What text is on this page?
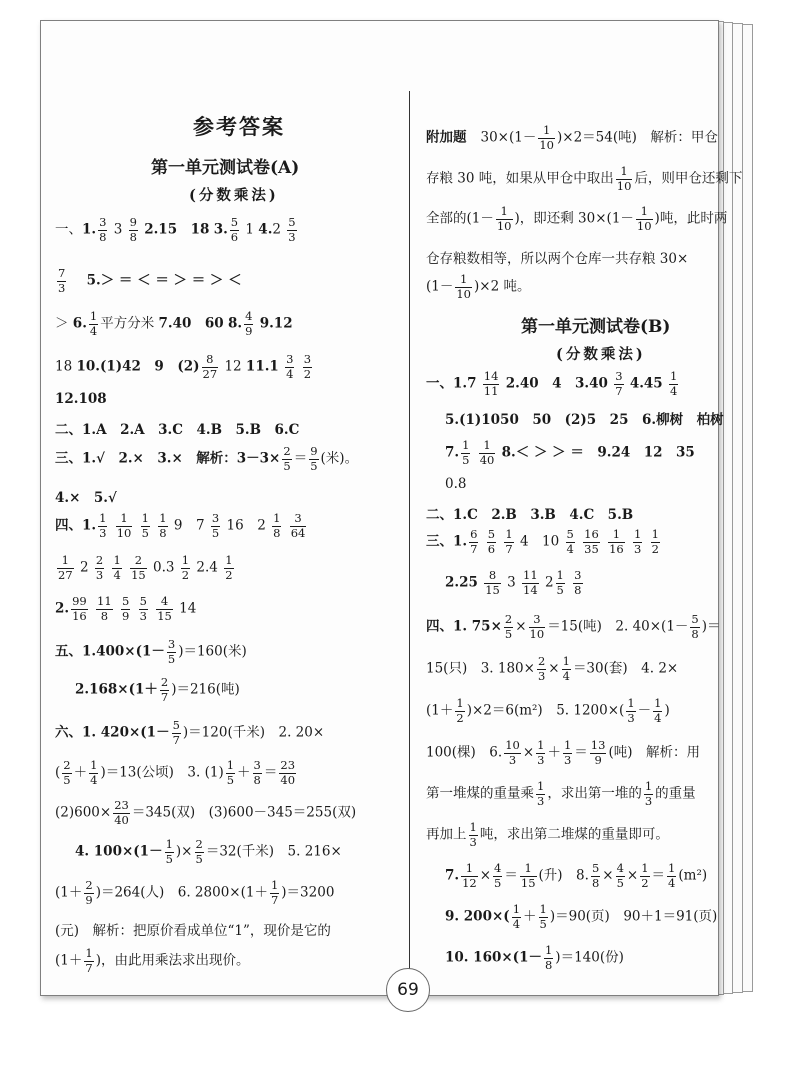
参考答案
第一单元测试卷(A)
(分数乘法)
一、1. $\frac{3}{8} 3 \frac{9}{8} 2.15$　18 3. $\frac{5}{6} 1$ $4.2 \frac{5}{3}$
$\frac{7}{3} 5.>$ ＝ ＜ ＝ ＞ ＝ ＞ ＜
＞ 6. $\frac{1}{4}$ 平方分米 7.40　60 8. $\frac{4}{9} 9.12$
18 10.(1)42　9　$(2) \frac{8}{27} 12$ $11.1 \frac{3}{4}$
$\frac{3}{2}$
12.108
二、1.A　2.A　3.C　4.B　5.B　6.C
三、1.√　2.×　3.×　解析：$3-3\times \frac{2}{5} = \frac{9}{5}$ (米)。
4.×　5.√
四、1. $\frac{1}{3}$
$\frac{1}{10}$
$\frac{1}{5}$
$\frac{1}{8} 9$　$7 \frac{3}{5} 16$　$2 \frac{1}{8}$
$\frac{3}{64}$
$\frac{1}{27} 2 \frac{2}{3}$
$\frac{1}{4}$
$\frac{2}{15} 0.3 \frac{1}{2} 2.4 \frac{1}{2}$
2. $\frac{99}{16}$
$\frac{11}{8}$
$\frac{5}{9}$
$\frac{5}{3}$
$\frac{4}{15} 14$
五、$1.400\times(1- \frac{3}{5} )=160$(米)
$2.168\times(1+ \frac{2}{7} )=216$(吨)
六、1. $420\times(1- \frac{5}{7} )=120$(千米)　2. 20×
( $\frac{2}{5} + \frac{1}{4} )=13$(公顷)　3. $(1) \frac{1}{5} + \frac{3}{8} = \frac{23}{40}$
$(2)600\times \frac{23}{40} =345$(双)　(3)600－345＝255(双)
4. $100\times(1- \frac{1}{5}$ )× $\frac{2}{5} =32$(千米)　5. 216×
$(1+ \frac{2}{9} )=264$(人)　6. $2800\times(1+ \frac{1}{7} )=3200$
(元)　解析：把原价看成单位“1”，现价是它的
($1+ \frac{1}{7}$ )，由此用乘法求出现价。
附加题 $30\times(1- \frac{1}{10} )\times 2=54$(吨)　解析：甲仓
存粮 30 吨，如果从甲仓中取出 $\frac{1}{10}$ 后，则甲仓还剩下
全部的($1- \frac{1}{10}$ )，即还剩 $30\times(1- \frac{1}{10}$ )吨，此时两
仓存粮数相等，所以两个仓库一共存粮 30×
$(1- \frac{1}{10} )\times 2$ 吨。
第一单元测试卷(B)
(分数乘法)
一、$1.7 \frac{14}{11} 2.40$　4　$3.40 \frac{3}{7} 4.45 \frac{1}{4}$
5.(1)1050　50　(2)5　25　6.柳树　柏树
7. $\frac{1}{5}$
$\frac{1}{40} 8.<$ ＞ ＞ ＝　9.24　12　35
0.8
二、1.C　2.B　3.B　4.C　5.B
三、1. $\frac{6}{7}$
$\frac{5}{6}$
$\frac{1}{7} 4$　$10 \frac{5}{4}$
$\frac{16}{35}$
$\frac{1}{16}$
$\frac{1}{3}$
$\frac{1}{2}$
$2.25 \frac{8}{15} 3 \frac{11}{14} 2 \frac{1}{5}$
$\frac{3}{8}$
四、1. $75\times \frac{2}{5} \times \frac{3}{10} =15$(吨)　2. $40\times(1- \frac{5}{8}$ )＝
15(只)　3. $180\times \frac{2}{3} \times \frac{1}{4} =30$(套)　4. 2×
$(1+ \frac{1}{2} )\times 2=6(m^2)$　5. $1200\times( \frac{1}{3} - \frac{1}{4}$ )
100(棵)　6. $\frac{10}{3} \times \frac{1}{3} + \frac{1}{3} = \frac{13}{9}$ (吨)　解析：用
第一堆煤的重量乘 $\frac{1}{3}$ ，求出第一堆的 $\frac{1}{3}$ 的重量
再加上 $\frac{1}{3}$ 吨，求出第二堆煤的重量即可。
7. $\frac{1}{12} \times \frac{4}{5} = \frac{1}{15}$ (升)　8. $\frac{5}{8} \times \frac{4}{5} \times \frac{1}{2} = \frac{1}{4} (m^2)$
9. $200\times( \frac{1}{4} + \frac{1}{5} )=90$(页)　90＋1＝91(页)
10. $160\times(1- \frac{1}{8} )=140$(份)
69
